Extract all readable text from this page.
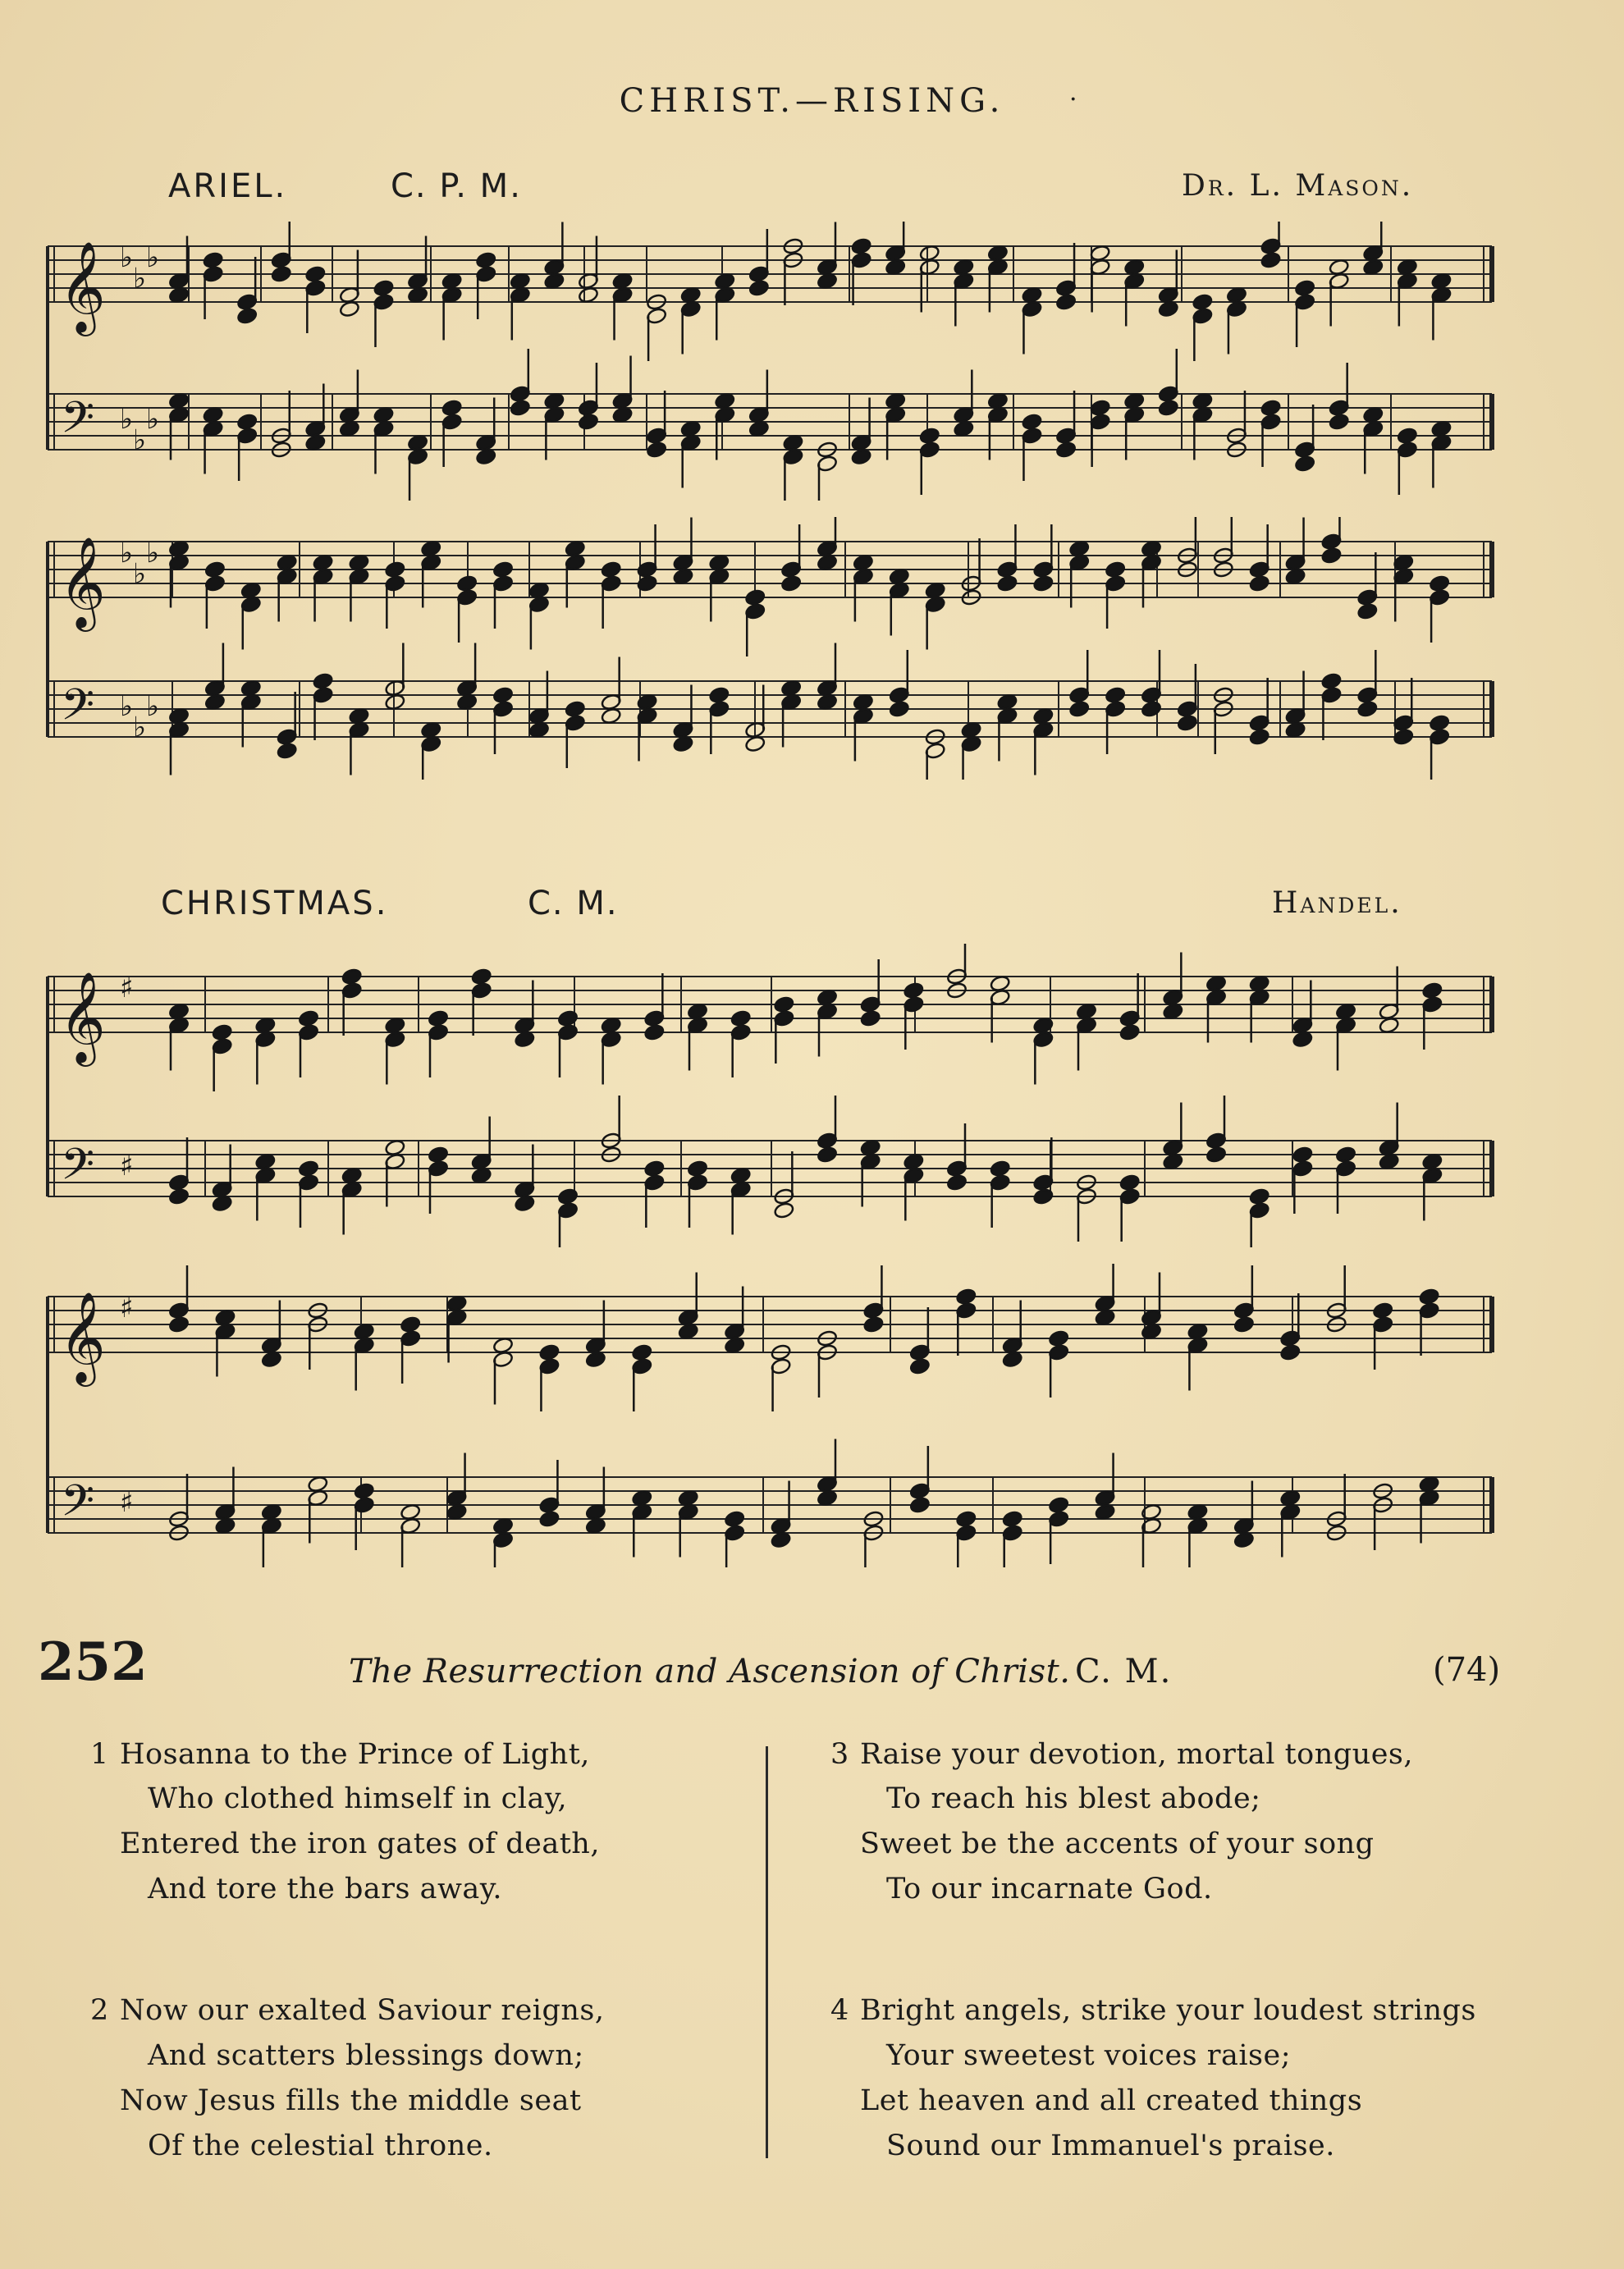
CHRIST.—RISING.	·
ARIEL.	C. P. M.	Dr. L. Mason.
𝄞
𝄢
♭
♭
♭
♭
♭
♭
𝄞
𝄢
♭
♭
♭
♭
♭
♭
CHRISTMAS.	C. M.	Handel.
𝄞
𝄢
♯
♯
𝄞
𝄢
♯
♯
252	The Resurrection and Ascension of Christ. C. M.	(74)
1 Hosanna to the Prince of Light,
Who clothed himself in clay,
Entered the iron gates of death,
And tore the bars away.
2 Now our exalted Saviour reigns,
And scatters blessings down;
Now Jesus fills the middle seat
Of the celestial throne.
3 Raise your devotion, mortal tongues,
To reach his blest abode;
Sweet be the accents of your song
To our incarnate God.
4 Bright angels, strike your loudest strings
Your sweetest voices raise;
Let heaven and all created things
Sound our Immanuel's praise.
